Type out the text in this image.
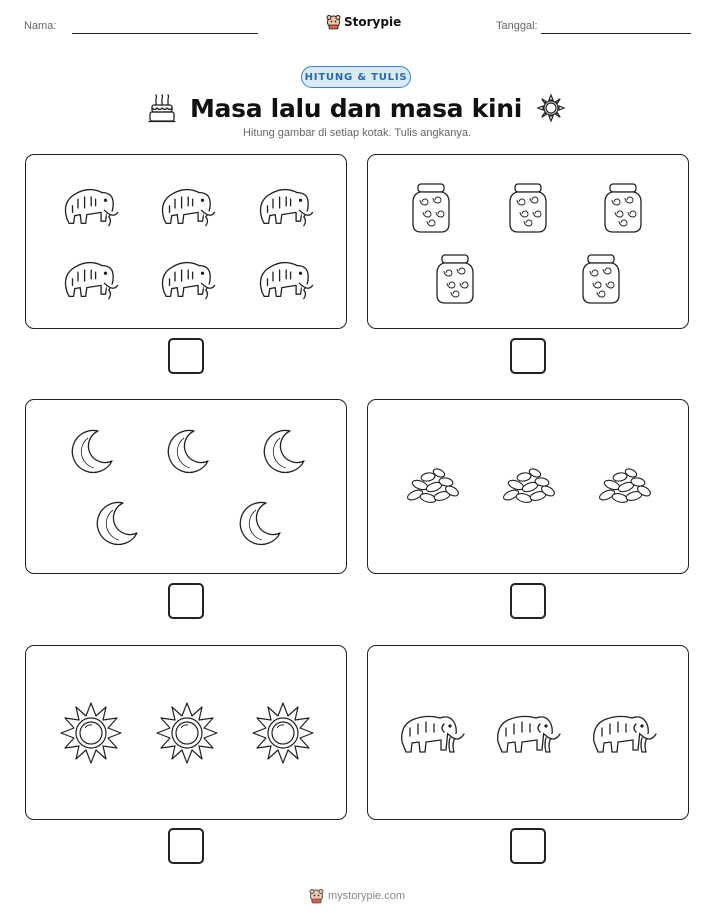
Nama:	Storypie	Tanggal:
HITUNG & TULIS
Masa lalu dan masa kini
Hitung gambar di setiap kotak. Tulis angkanya.
mystorypie.com
